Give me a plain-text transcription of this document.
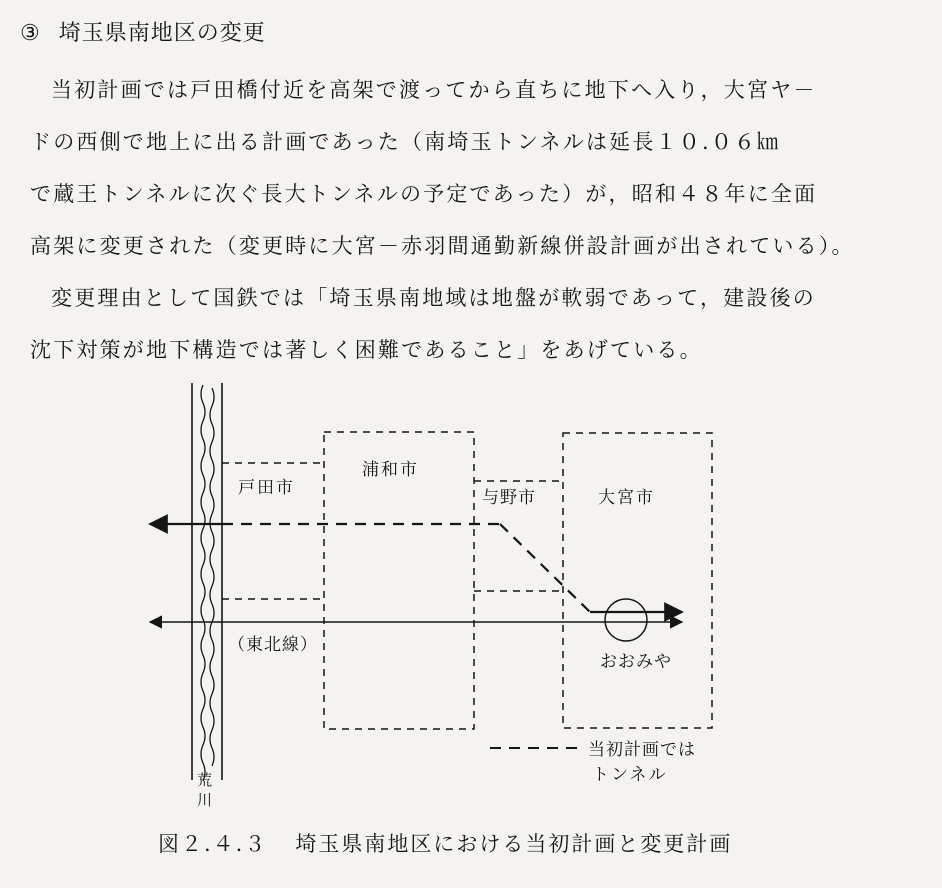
③ 埼玉県南地区の変更

当初計画では戸田橋付近を高架で渡ってから直ちに地下へ入り，大宮ヤ－

ドの西側で地上に出る計画であった（南埼玉トンネルは延長１０.０６㎞

で蔵王トンネルに次ぐ長大トンネルの予定であった）が，昭和４８年に全面

高架に変更された（変更時に大宮－赤羽間通勤新線併設計画が出されている）。

変更理由として国鉄では「埼玉県南地域は地盤が軟弱であって，建設後の

沈下対策が地下構造では著しく困難であること」をあげている。

戸田市
浦和市
与野市	大宮市
（東北線）
おおみや
荒
川
当初計画では
トンネル
図２.４.３ 埼玉県南地区における当初計画と変更計画
